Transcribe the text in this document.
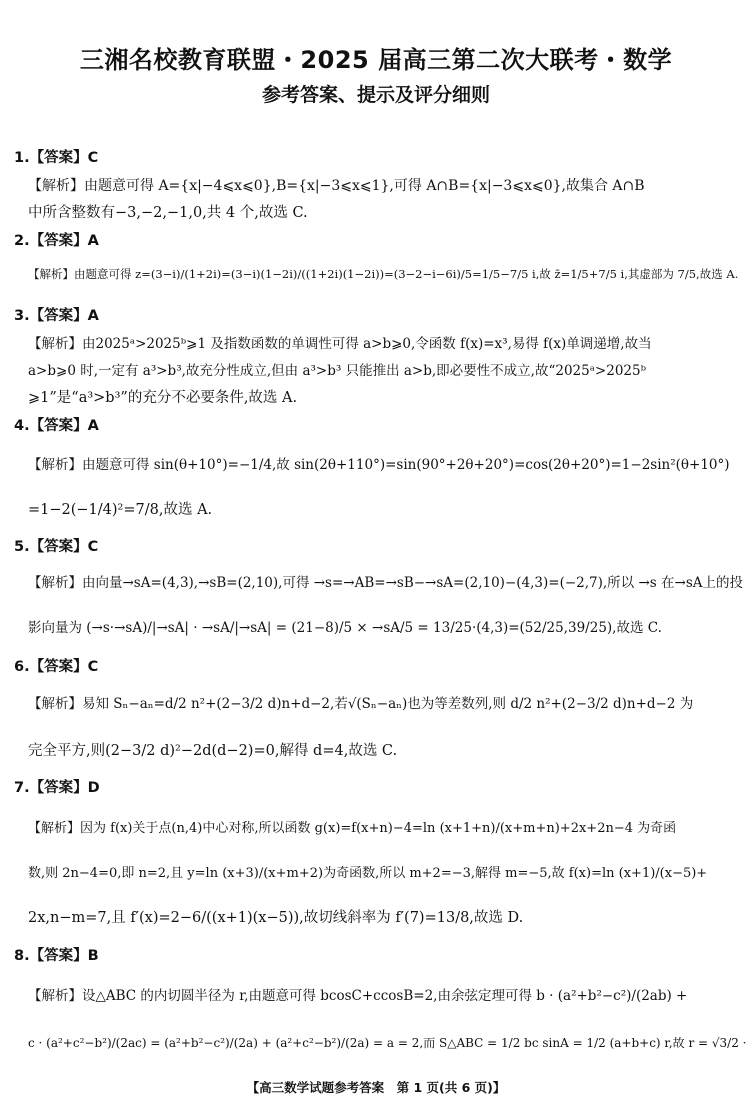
三湘名校教育联盟・2025 届高三第二次大联考・数学
参考答案、提示及评分细则
1.【答案】C
【解析】由题意可得 A={x|−4⩽x⩽0},B={x|−3⩽x⩽1},可得 A∩B={x|−3⩽x⩽0},故集合 A∩B
中所含整数有−3,−2,−1,0,共 4 个,故选 C.
2.【答案】A
【解析】由题意可得 z=(3−i)/(1+2i)=(3−i)(1−2i)/((1+2i)(1−2i))=(3−2−i−6i)/5=1/5−7/5 i,故 z̄=1/5+7/5 i,其虚部为 7/5,故选 A.
3.【答案】A
【解析】由2025ᵃ>2025ᵇ⩾1 及指数函数的单调性可得 a>b⩾0,令函数 f(x)=x³,易得 f(x)单调递增,故当
a>b⩾0 时,一定有 a³>b³,故充分性成立,但由 a³>b³ 只能推出 a>b,即必要性不成立,故“2025ᵃ>2025ᵇ
⩾1”是“a³>b³”的充分不必要条件,故选 A.
4.【答案】A
【解析】由题意可得 sin(θ+10°)=−1/4,故 sin(2θ+110°)=sin(90°+2θ+20°)=cos(2θ+20°)=1−2sin²(θ+10°)
=1−2(−1/4)²=7/8,故选 A.
5.【答案】C
【解析】由向量→sA=(4,3),→sB=(2,10),可得 →s=→AB=→sB−→sA=(2,10)−(4,3)=(−2,7),所以 →s 在→sA上的投
影向量为 (→s·→sA)/|→sA| · →sA/|→sA| = (21−8)/5 × →sA/5 = 13/25·(4,3)=(52/25,39/25),故选 C.
6.【答案】C
【解析】易知 Sₙ−aₙ=d/2 n²+(2−3/2 d)n+d−2,若√(Sₙ−aₙ)也为等差数列,则 d/2 n²+(2−3/2 d)n+d−2 为
完全平方,则(2−3/2 d)²−2d(d−2)=0,解得 d=4,故选 C.
7.【答案】D
【解析】因为 f(x)关于点(n,4)中心对称,所以函数 g(x)=f(x+n)−4=ln (x+1+n)/(x+m+n)+2x+2n−4 为奇函
数,则 2n−4=0,即 n=2,且 y=ln (x+3)/(x+m+2)为奇函数,所以 m+2=−3,解得 m=−5,故 f(x)=ln (x+1)/(x−5)+
2x,n−m=7,且 f′(x)=2−6/((x+1)(x−5)),故切线斜率为 f′(7)=13/8,故选 D.
8.【答案】B
【解析】设△ABC 的内切圆半径为 r,由题意可得 bcosC+ccosB=2,由余弦定理可得 b · (a²+b²−c²)/(2ab) +
c · (a²+c²−b²)/(2ac) = (a²+b²−c²)/(2a) + (a²+c²−b²)/(2a) = a = 2,而 S△ABC = 1/2 bc sinA = 1/2 (a+b+c) r,故 r = √3/2 ·
【高三数学试题参考答案　第 1 页(共 6 页)】
